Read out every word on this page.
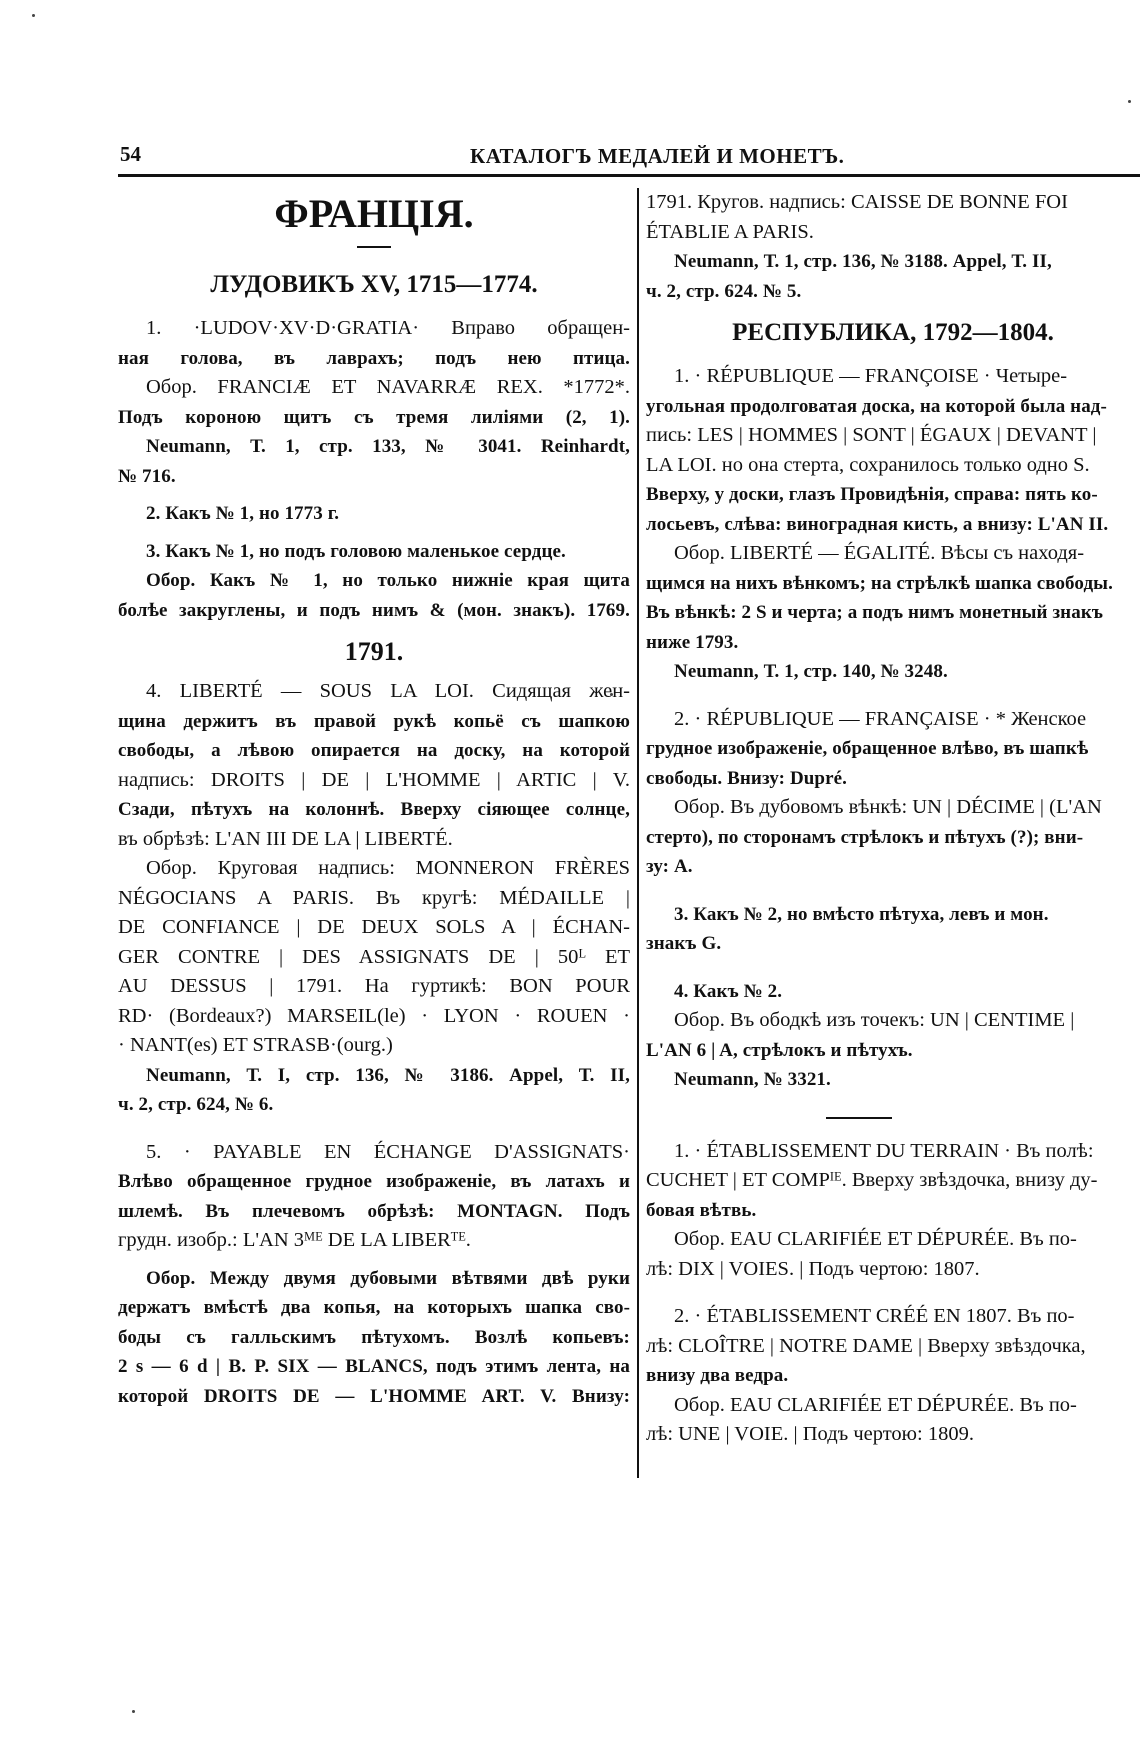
54	КАТАЛОГЪ МЕДАЛЕЙ И МОНЕТЪ.
ФРАНЦІЯ.
ЛУДОВИКЪ XV, 1715—1774.
1. ·LUDOV·XV·D·GRATIA· Вправо обращен-
ная голова, въ лаврахъ; подъ нею птица.
Обор. FRANCIÆ ET NAVARRÆ REX. *1772*.
Подъ короною щитъ съ тремя лиліями (2, 1).
Neumann, Т. 1, стр. 133, № 3041. Reinhardt,
№ 716.
2. Какъ № 1, но 1773 г.
3. Какъ № 1, но подъ головою маленькое сердце.
Обор. Какъ № 1, но только нижніе края щита
болѣе закруглены, и подъ нимъ & (мон. знакъ). 1769.
1791.
4. LIBERTÉ — SOUS LA LOI. Сидящая жен-
щина держитъ въ правой рукѣ копьё съ шапкою
свободы, а лѣвою опирается на доску, на которой
надпись: DROITS | DE | L'HOMME | ARTIC | V.
Сзади, пѣтухъ на колоннѣ. Вверху сіяющее солнце,
въ обрѣзѣ: L'AN III DE LA | LIBERTÉ.
Обор. Круговая надпись: MONNERON FRÈRES
NÉGOCIANS A PARIS. Въ кругѣ: MÉDAILLE |
DE CONFIANCE | DE DEUX SOLS A | ÉCHAN-
GER CONTRE | DES ASSIGNATS DE | 50ᴸ ET
AU DESSUS | 1791. На гуртикѣ: BON POUR
RD· (Bordeaux?) MARSEIL(le) · LYON · ROUEN ·
· NANT(es) ET STRASB·(ourg.)
Neumann, Т. I, стр. 136, № 3186. Appel, Т. II,
ч. 2, стр. 624, № 6.
5. · PAYABLE EN ÉCHANGE D'ASSIGNATS·
Влѣво обращенное грудное изображеніе, въ латахъ и
шлемѣ. Въ плечевомъ обрѣзѣ: MONTAGN. Подъ
грудн. изобр.: L'AN 3ᴹᴱ DE LA LIBERᵀᴱ.
Обор. Между двумя дубовыми вѣтвями двѣ руки
держатъ вмѣстѣ два копья, на которыхъ шапка сво-
боды съ галльскимъ пѣтухомъ. Возлѣ копьевъ:
2 s — 6 d | B. P. SIX — BLANCS, подъ этимъ лента, на
которой DROITS DE — L'HOMME ART. V. Внизу:
1791. Кругов. надпись: CAISSE DE BONNE FOI
ÉTABLIE A PARIS.
Neumann, Т. 1, стр. 136, № 3188. Appel, Т. II,
ч. 2, стр. 624. № 5.
РЕСПУБЛИКА, 1792—1804.
1. · RÉPUBLIQUE — FRANÇOISE · Четыре-
угольная продолговатая доска, на которой была над-
пись: LES | HOMMES | SONT | ÉGAUX | DEVANT |
LA LOI. но она стерта, сохранилось только одно S.
Вверху, у доски, глазъ Провидѣнія, справа: пять ко-
лосьевъ, слѣва: виноградная кисть, а внизу: L'AN II.
Обор. LIBERTÉ — ÉGALITÉ. Вѣсы съ находя-
щимся на нихъ вѣнкомъ; на стрѣлкѣ шапка свободы.
Въ вѣнкѣ: 2 S и черта; а подъ нимъ монетный знакъ
ниже 1793.
Neumann, Т. 1, стр. 140, № 3248.
2. · RÉPUBLIQUE — FRANÇAISE · * Женское
грудное изображеніе, обращенное влѣво, въ шапкѣ
свободы. Внизу: Dupré.
Обор. Въ дубовомъ вѣнкѣ: UN | DÉCIME | (L'AN
стерто), по сторонамъ стрѣлокъ и пѣтухъ (?); вни-
зу: A.
3. Какъ № 2, но вмѣсто пѣтуха, левъ и мон.
знакъ G.
4. Какъ № 2.
Обор. Въ ободкѣ изъ точекъ: UN | CENTIME |
L'AN 6 | A, стрѣлокъ и пѣтухъ.
Neumann, № 3321.
1. · ÉTABLISSEMENT DU TERRAIN · Въ полѣ:
CUCHET | ET COMPᴵᴱ. Вверху звѣздочка, внизу ду-
бовая вѣтвь.
Обор. EAU CLARIFIÉE ET DÉPURÉE. Въ по-
лѣ: DIX | VOIES. | Подъ чертою: 1807.
2. · ÉTABLISSEMENT CRÉÉ EN 1807. Въ по-
лѣ: CLOÎTRE | NOTRE DAME | Вверху звѣздочка,
внизу два ведра.
Обор. EAU CLARIFIÉE ET DÉPURÉE. Въ по-
лѣ: UNE | VOIE. | Подъ чертою: 1809.
